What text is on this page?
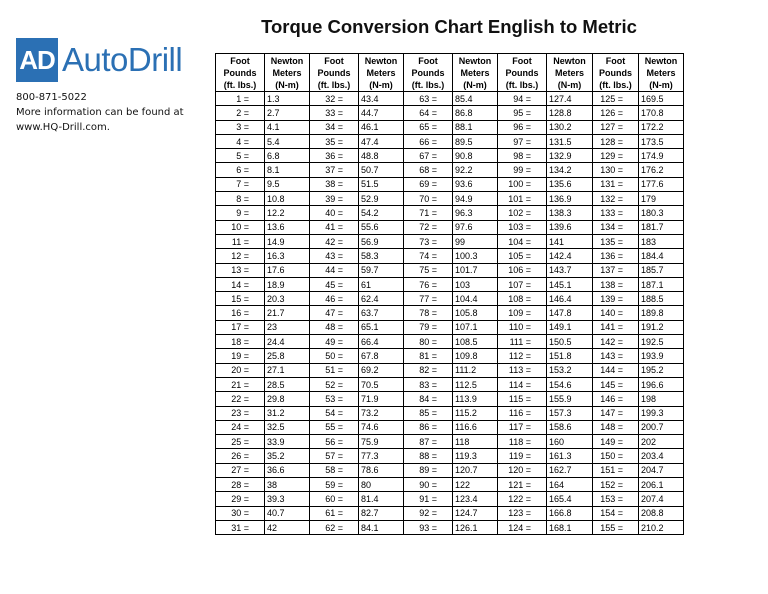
Torque Conversion Chart English to Metric
AD AutoDrill
800-871-5022
More information can be found at
www.HQ-Drill.com.
Foot
Pounds
(ft. lbs.)	Newton
Meters
(N-m)	Foot
Pounds
(ft. lbs.)	Newton
Meters
(N-m)	Foot
Pounds
(ft. lbs.)	Newton
Meters
(N-m)	Foot
Pounds
(ft. lbs.)	Newton
Meters
(N-m)	Foot
Pounds
(ft. lbs.)	Newton
Meters
(N-m)
1 =	1.3	32 =	43.4	63 =	85.4	94 =	127.4	125 =	169.5
2 =	2.7	33 =	44.7	64 =	86.8	95 =	128.8	126 =	170.8
3 =	4.1	34 =	46.1	65 =	88.1	96 =	130.2	127 =	172.2
4 =	5.4	35 =	47.4	66 =	89.5	97 =	131.5	128 =	173.5
5 =	6.8	36 =	48.8	67 =	90.8	98 =	132.9	129 =	174.9
6 =	8.1	37 =	50.7	68 =	92.2	99 =	134.2	130 =	176.2
7 =	9.5	38 =	51.5	69 =	93.6	100 =	135.6	131 =	177.6
8 =	10.8	39 =	52.9	70 =	94.9	101 =	136.9	132 =	179
9 =	12.2	40 =	54.2	71 =	96.3	102 =	138.3	133 =	180.3
10 =	13.6	41 =	55.6	72 =	97.6	103 =	139.6	134 =	181.7
11 =	14.9	42 =	56.9	73 =	99	104 =	141	135 =	183
12 =	16.3	43 =	58.3	74 =	100.3	105 =	142.4	136 =	184.4
13 =	17.6	44 =	59.7	75 =	101.7	106 =	143.7	137 =	185.7
14 =	18.9	45 =	61	76 =	103	107 =	145.1	138 =	187.1
15 =	20.3	46 =	62.4	77 =	104.4	108 =	146.4	139 =	188.5
16 =	21.7	47 =	63.7	78 =	105.8	109 =	147.8	140 =	189.8
17 =	23	48 =	65.1	79 =	107.1	110 =	149.1	141 =	191.2
18 =	24.4	49 =	66.4	80 =	108.5	111 =	150.5	142 =	192.5
19 =	25.8	50 =	67.8	81 =	109.8	112 =	151.8	143 =	193.9
20 =	27.1	51 =	69.2	82 =	111.2	113 =	153.2	144 =	195.2
21 =	28.5	52 =	70.5	83 =	112.5	114 =	154.6	145 =	196.6
22 =	29.8	53 =	71.9	84 =	113.9	115 =	155.9	146 =	198
23 =	31.2	54 =	73.2	85 =	115.2	116 =	157.3	147 =	199.3
24 =	32.5	55 =	74.6	86 =	116.6	117 =	158.6	148 =	200.7
25 =	33.9	56 =	75.9	87 =	118	118 =	160	149 =	202
26 =	35.2	57 =	77.3	88 =	119.3	119 =	161.3	150 =	203.4
27 =	36.6	58 =	78.6	89 =	120.7	120 =	162.7	151 =	204.7
28 =	38	59 =	80	90 =	122	121 =	164	152 =	206.1
29 =	39.3	60 =	81.4	91 =	123.4	122 =	165.4	153 =	207.4
30 =	40.7	61 =	82.7	92 =	124.7	123 =	166.8	154 =	208.8
31 =	42	62 =	84.1	93 =	126.1	124 =	168.1	155 =	210.2
